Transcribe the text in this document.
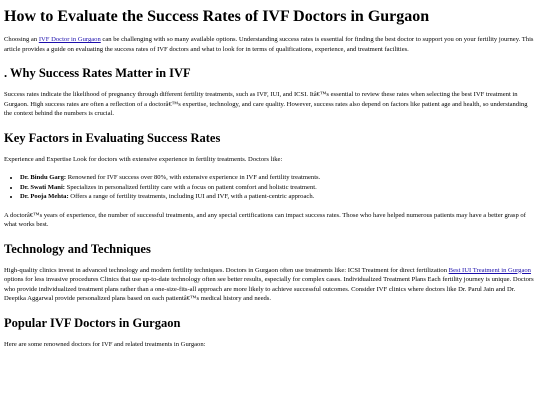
How to Evaluate the Success Rates of IVF Doctors in Gurgaon

Choosing an IVF Doctor in Gurgaon can be challenging with so many available options. Understanding success rates is essential for finding the best doctor to support you on your fertility journey. This article provides a guide on evaluating the success rates of IVF doctors and what to look for in terms of qualifications, experience, and treatment facilities.

. Why Success Rates Matter in IVF

Success rates indicate the likelihood of pregnancy through different fertility treatments, such as IVF, IUI, and ICSI. Itâ€™s essential to review these rates when selecting the best IVF treatment in Gurgaon. High success rates are often a reflection of a doctorâ€™s expertise, technology, and care quality. However, success rates also depend on factors like patient age and health, so understanding the context behind the numbers is crucial.

Key Factors in Evaluating Success Rates

Experience and Expertise Look for doctors with extensive experience in fertility treatments. Doctors like:

• Dr. Bindu Garg: Renowned for IVF success over 80%, with extensive experience in IVF and fertility treatments.
• Dr. Swati Mani: Specializes in personalized fertility care with a focus on patient comfort and holistic treatment.
• Dr. Pooja Mehta: Offers a range of fertility treatments, including IUI and IVF, with a patient-centric approach.

A doctorâ€™s years of experience, the number of successful treatments, and any special certifications can impact success rates. Those who have helped numerous patients may have a better grasp of what works best.

Technology and Techniques

High-quality clinics invest in advanced technology and modern fertility techniques. Doctors in Gurgaon often use treatments like: ICSI Treatment for direct fertilization Best IUI Treatment in Gurgaon options for less invasive procedures Clinics that use up-to-date technology often see better results, especially for complex cases. Individualized Treatment Plans Each fertility journey is unique. Doctors who provide individualized treatment plans rather than a one-size-fits-all approach are more likely to achieve successful outcomes. Consider IVF clinics where doctors like Dr. Parul Jain and Dr. Deepika Aggarwal provide personalized plans based on each patientâ€™s medical history and needs.

Popular IVF Doctors in Gurgaon

Here are some renowned doctors for IVF and related treatments in Gurgaon:
